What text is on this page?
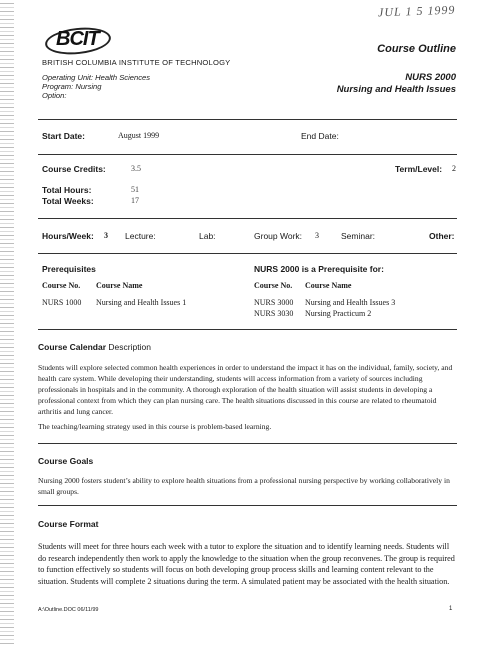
JUL 1 5 1999
BCIT
BRITISH COLUMBIA INSTITUTE OF TECHNOLOGY
Course Outline
Operating Unit: Health Sciences
Program: Nursing
Option:
NURS 2000
Nursing and Health Issues
Start Date:	August 1999	End Date:
Course Credits:	3.5	Term/Level: 2
Total Hours:	51
Total Weeks:	17
Hours/Week: 3 Lecture:	Lab:	Group Work: 3	Seminar:	Other:
Prerequisites
Course No. Course Name
NURS 1000 Nursing and Health Issues 1
NURS 2000 is a Prerequisite for:
Course No. Course Name
NURS 3000 Nursing and Health Issues 3
NURS 3030 Nursing Practicum 2
Course Calendar Description
Students will explore selected common health experiences in order to understand the impact it has on the individual, family, society, and health care system. While developing their understanding, students will access information from a variety of sources including professionals in hospitals and in the community. A thorough exploration of the health situation will assist students in developing a professional context from which they can plan nursing care. The health situations discussed in this course are related to rheumatoid arthritis and lung cancer.
The teaching/learning strategy used in this course is problem-based learning.
Course Goals
Nursing 2000 fosters student’s ability to explore health situations from a professional nursing perspective by working collaboratively in small groups.
Course Format
Students will meet for three hours each week with a tutor to explore the situation and to identify learning needs. Students will do research independently then work to apply the knowledge to the situation when the group reconvenes. The group is required to function effectively so students will focus on both developing group process skills and learning content relevant to the situation. Students will complete 2 situations during the term. A simulated patient may be associated with the health situation.
A:\Outline.DOC 06/11/99	1
